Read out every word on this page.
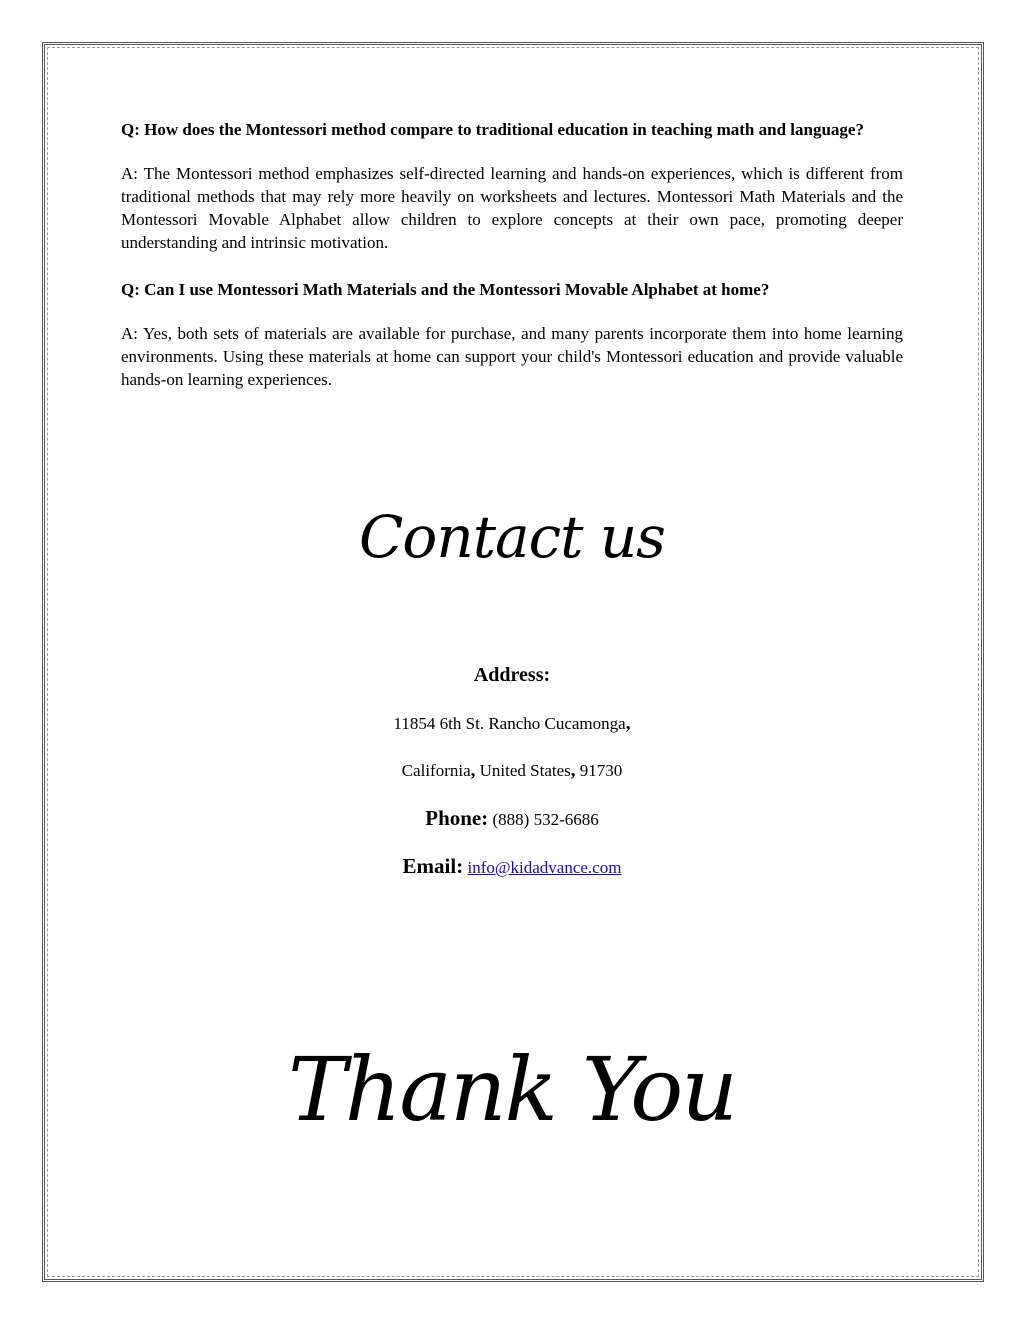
Q: How does the Montessori method compare to traditional education in teaching math and language?

A: The Montessori method emphasizes self-directed learning and hands-on experiences, which is different from traditional methods that may rely more heavily on worksheets and lectures. Montessori Math Materials and the Montessori Movable Alphabet allow children to explore concepts at their own pace, promoting deeper understanding and intrinsic motivation.

Q: Can I use Montessori Math Materials and the Montessori Movable Alphabet at home?

A: Yes, both sets of materials are available for purchase, and many parents incorporate them into home learning environments. Using these materials at home can support your child's Montessori education and provide valuable hands-on learning experiences.

Contact us
Address:
11854 6th St. Rancho Cucamonga,
California, United States, 91730
Phone: (888) 532-6686
Email: info@kidadvance.com
Thank You
